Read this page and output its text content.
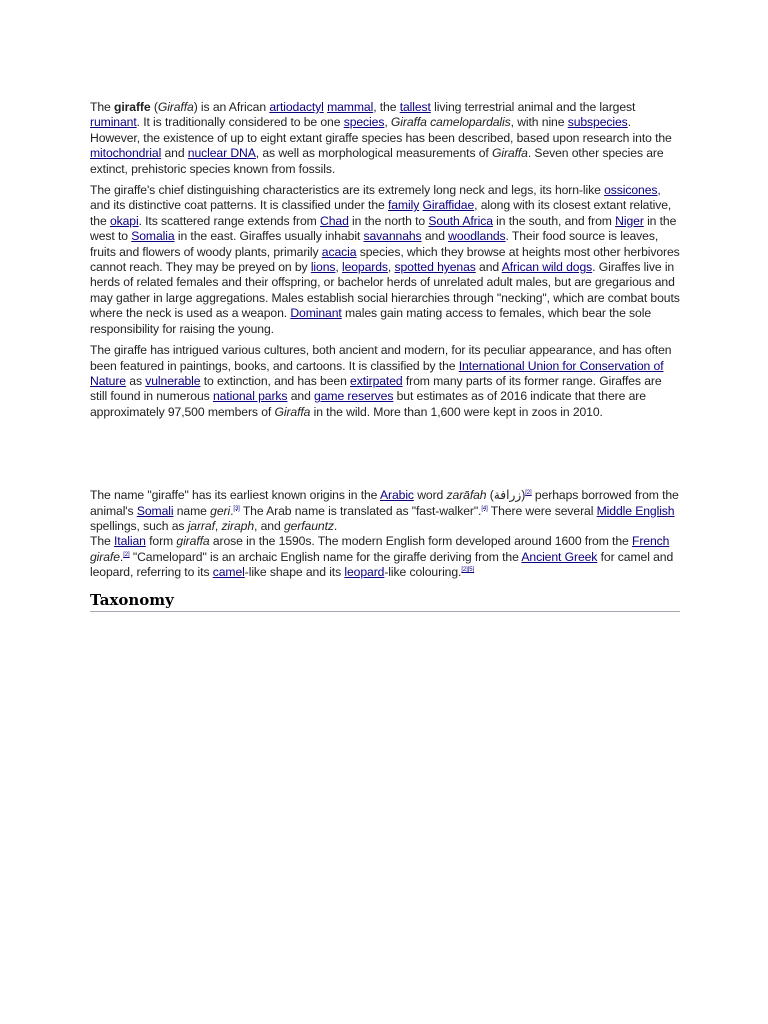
The giraffe (Giraffa) is an African artiodactyl mammal, the tallest living terrestrial animal and the largest ruminant. It is traditionally considered to be one species, Giraffa camelopardalis, with nine subspecies. However, the existence of up to eight extant giraffe species has been described, based upon research into the mitochondrial and nuclear DNA, as well as morphological measurements of Giraffa. Seven other species are extinct, prehistoric species known from fossils.

The giraffe's chief distinguishing characteristics are its extremely long neck and legs, its horn-like ossicones, and its distinctive coat patterns. It is classified under the family Giraffidae, along with its closest extant relative, the okapi. Its scattered range extends from Chad in the north to South Africa in the south, and from Niger in the west to Somalia in the east. Giraffes usually inhabit savannahs and woodlands. Their food source is leaves, fruits and flowers of woody plants, primarily acacia species, which they browse at heights most other herbivores cannot reach. They may be preyed on by lions, leopards, spotted hyenas and African wild dogs. Giraffes live in herds of related females and their offspring, or bachelor herds of unrelated adult males, but are gregarious and may gather in large aggregations. Males establish social hierarchies through "necking", which are combat bouts where the neck is used as a weapon. Dominant males gain mating access to females, which bear the sole responsibility for raising the young.

The giraffe has intrigued various cultures, both ancient and modern, for its peculiar appearance, and has often been featured in paintings, books, and cartoons. It is classified by the International Union for Conservation of Nature as vulnerable to extinction, and has been extirpated from many parts of its former range. Giraffes are still found in numerous national parks and game reserves but estimates as of 2016 indicate that there are approximately 97,500 members of Giraffa in the wild. More than 1,600 were kept in zoos in 2010.

The name "giraffe" has its earliest known origins in the Arabic word zarāfah (زرافة)[2] perhaps borrowed from the animal's Somali name geri.[3] The Arab name is translated as "fast-walker".[4] There were several Middle English spellings, such as jarraf, ziraph, and gerfauntz.
The Italian form giraffa arose in the 1590s. The modern English form developed around 1600 from the French girafe.[2] "Camelopard" is an archaic English name for the giraffe deriving from the Ancient Greek for camel and leopard, referring to its camel-like shape and its leopard-like colouring.[2][5]

Taxonomy
